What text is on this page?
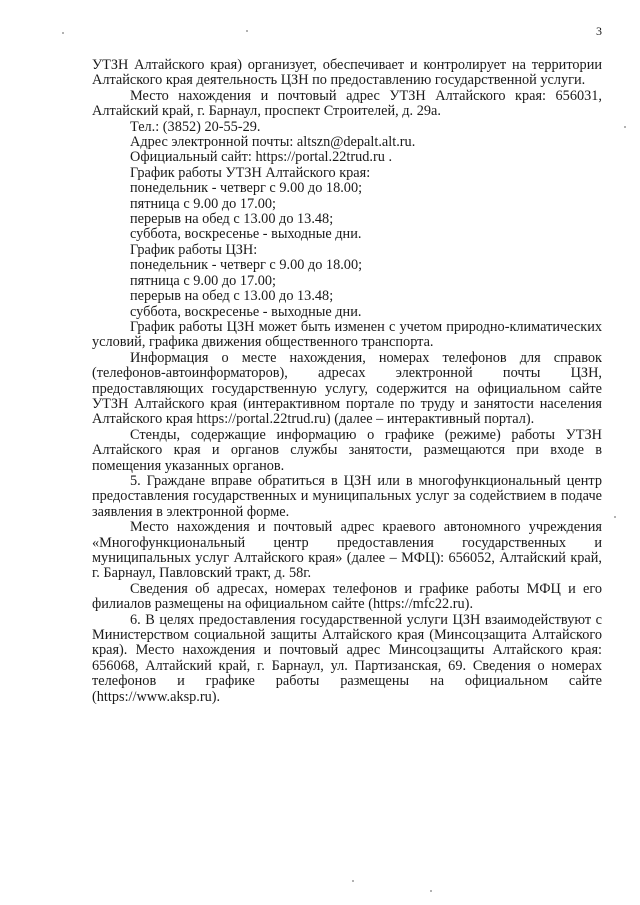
3

УТЗН Алтайского края) организует, обеспечивает и контролирует на территории Алтайского края деятельность ЦЗН по предоставлению государственной услуги.

Место нахождения и почтовый адрес УТЗН Алтайского края: 656031, Алтайский край, г. Барнаул, проспект Строителей, д. 29а.

Тел.: (3852) 20-55-29.

Адрес электронной почты: altszn@depalt.alt.ru.

Официальный сайт: https://portal.22trud.ru .

График работы УТЗН Алтайского края:

понедельник - четверг с 9.00 до 18.00;

пятница с 9.00 до 17.00;

перерыв на обед с 13.00 до 13.48;

суббота, воскресенье - выходные дни.

График работы ЦЗН:

понедельник - четверг с 9.00 до 18.00;

пятница с 9.00 до 17.00;

перерыв на обед с 13.00 до 13.48;

суббота, воскресенье - выходные дни.

График работы ЦЗН может быть изменен с учетом природно-климатических условий, графика движения общественного транспорта.

Информация о месте нахождения, номерах телефонов для справок (телефонов-автоинформаторов), адресах электронной почты ЦЗН, предоставляющих государственную услугу, содержится на официальном сайте УТЗН Алтайского края (интерактивном портале по труду и занятости населения Алтайского края https://portal.22trud.ru) (далее – интерактивный портал).

Стенды, содержащие информацию о графике (режиме) работы УТЗН Алтайского края и органов службы занятости, размещаются при входе в помещения указанных органов.

5. Граждане вправе обратиться в ЦЗН или в многофункциональный центр предоставления государственных и муниципальных услуг за содействием в подаче заявления в электронной форме.

Место нахождения и почтовый адрес краевого автономного учреждения «Многофункциональный центр предоставления государственных и муниципальных услуг Алтайского края» (далее – МФЦ): 656052, Алтайский край, г. Барнаул, Павловский тракт, д. 58г.

Сведения об адресах, номерах телефонов и графике работы МФЦ и его филиалов размещены на официальном сайте (https://mfc22.ru).

6. В целях предоставления государственной услуги ЦЗН взаимодействуют с Министерством социальной защиты Алтайского края (Минсоцзащита Алтайского края). Место нахождения и почтовый адрес Минсоцзащиты Алтайского края: 656068, Алтайский край, г. Барнаул, ул. Партизанская, 69. Сведения о номерах телефонов и графике работы размещены на официальном сайте (https://www.aksp.ru).
